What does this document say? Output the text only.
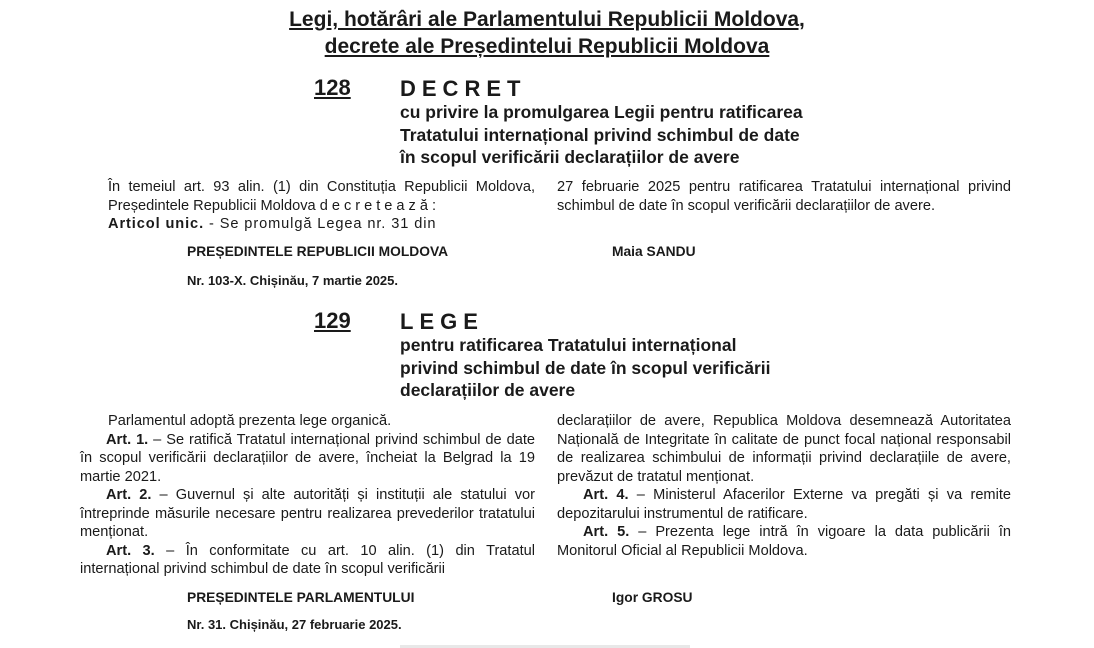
Legi, hotărâri ale Parlamentului Republicii Moldova,
decrete ale Președintelui Republicii Moldova
128 DECRET
cu privire la promulgarea Legii pentru ratificarea
Tratatului internațional privind schimbul de date
în scopul verificării declarațiilor de avere

În temeiul art. 93 alin. (1) din Constituția Republicii Moldova, Președintele Republicii Moldova decretează:

Articol unic. - Se promulgă Legea nr. 31 din

27 februarie 2025 pentru ratificarea Tratatului internațional privind schimbul de date în scopul verificării declarațiilor de avere.

PREȘEDINTELE REPUBLICII MOLDOVA	Maia SANDU
Nr. 103-X. Chișinău, 7 martie 2025.
129 LEGE
pentru ratificarea Tratatului internațional
privind schimbul de date în scopul verificării
declarațiilor de avere

Parlamentul adoptă prezenta lege organică.

Art. 1. – Se ratifică Tratatul internațional privind schimbul de date în scopul verificării declarațiilor de avere, încheiat la Belgrad la 19 martie 2021.

Art. 2. – Guvernul și alte autorități și instituții ale statului vor întreprinde măsurile necesare pentru realizarea prevederilor tratatului menționat.

Art. 3. – În conformitate cu art. 10 alin. (1) din Tratatul internațional privind schimbul de date în scopul verificării

declarațiilor de avere, Republica Moldova desemnează Autoritatea Națională de Integritate în calitate de punct focal național responsabil de realizarea schimbului de informații privind declarațiile de avere, prevăzut de tratatul menționat.

Art. 4. – Ministerul Afacerilor Externe va pregăti și va remite depozitarului instrumentul de ratificare.

Art. 5. – Prezenta lege intră în vigoare la data publicării în Monitorul Oficial al Republicii Moldova.

PREȘEDINTELE PARLAMENTULUI	Igor GROSU
Nr. 31. Chișinău, 27 februarie 2025.
